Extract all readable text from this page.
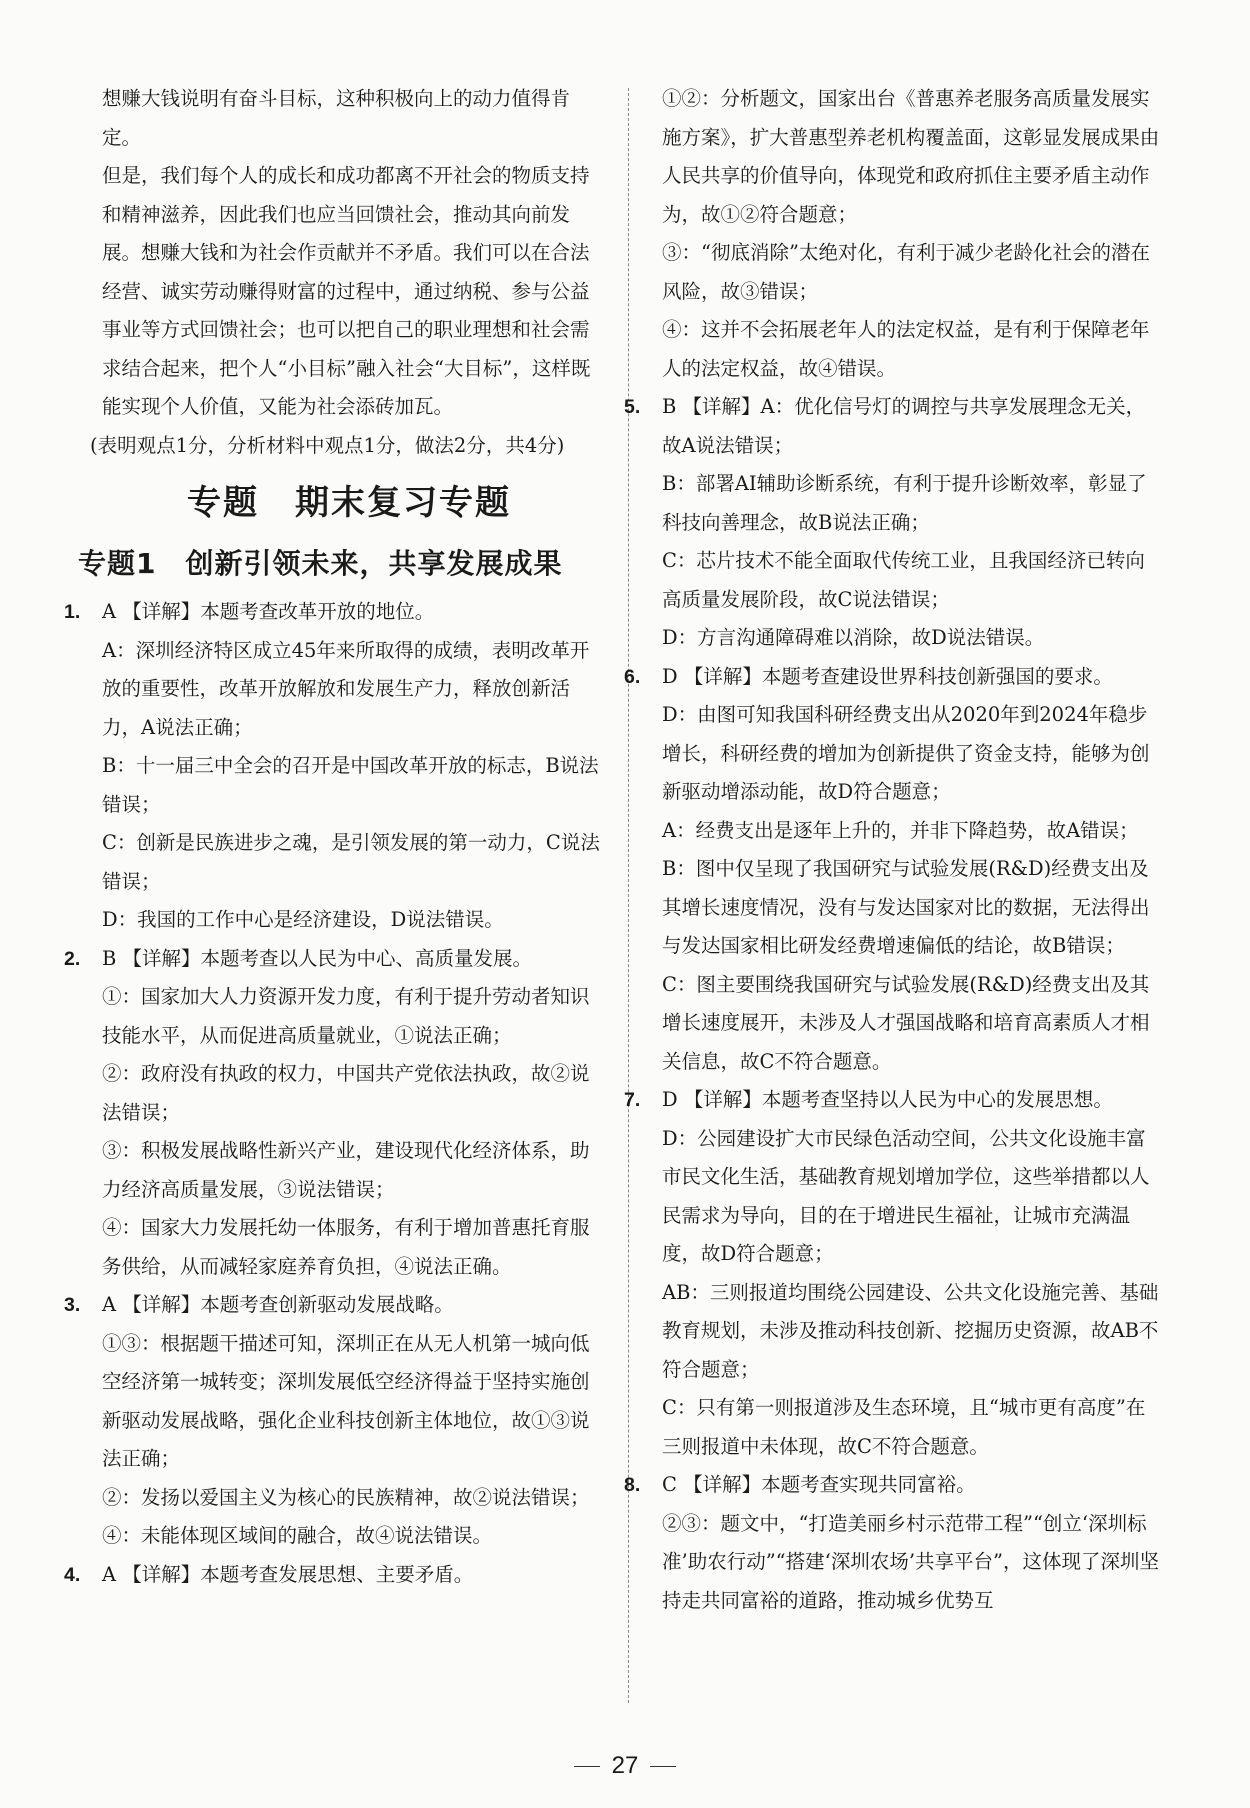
想赚大钱说明有奋斗目标，这种积极向上的动力值得肯定。

但是，我们每个人的成长和成功都离不开社会的物质支持和精神滋养，因此我们也应当回馈社会，推动其向前发展。想赚大钱和为社会作贡献并不矛盾。我们可以在合法经营、诚实劳动赚得财富的过程中，通过纳税、参与公益事业等方式回馈社会；也可以把自己的职业理想和社会需求结合起来，把个人“小目标”融入社会“大目标”，这样既能实现个人价值，又能为社会添砖加瓦。

(表明观点1分，分析材料中观点1分，做法2分，共4分)

专题　期末复习专题
专题1　创新引领未来，共享发展成果
1. A 【详解】本题考查改革开放的地位。

A：深圳经济特区成立45年来所取得的成绩，表明改革开放的重要性，改革开放解放和发展生产力，释放创新活力，A说法正确；

B：十一届三中全会的召开是中国改革开放的标志，B说法错误；

C：创新是民族进步之魂，是引领发展的第一动力，C说法错误；

D：我国的工作中心是经济建设，D说法错误。

2. B 【详解】本题考查以人民为中心、高质量发展。

①：国家加大人力资源开发力度，有利于提升劳动者知识技能水平，从而促进高质量就业，①说法正确；

②：政府没有执政的权力，中国共产党依法执政，故②说法错误；

③：积极发展战略性新兴产业，建设现代化经济体系，助力经济高质量发展，③说法错误；

④：国家大力发展托幼一体服务，有利于增加普惠托育服务供给，从而减轻家庭养育负担，④说法正确。

3. A 【详解】本题考查创新驱动发展战略。

①③：根据题干描述可知，深圳正在从无人机第一城向低空经济第一城转变；深圳发展低空经济得益于坚持实施创新驱动发展战略，强化企业科技创新主体地位，故①③说法正确；

②：发扬以爱国主义为核心的民族精神，故②说法错误；

④：未能体现区域间的融合，故④说法错误。

4. A 【详解】本题考查发展思想、主要矛盾。

①②：分析题文，国家出台《普惠养老服务高质量发展实施方案》，扩大普惠型养老机构覆盖面，这彰显发展成果由人民共享的价值导向，体现党和政府抓住主要矛盾主动作为，故①②符合题意；

③：“彻底消除”太绝对化，有利于减少老龄化社会的潜在风险，故③错误；

④：这并不会拓展老年人的法定权益，是有利于保障老年人的法定权益，故④错误。

5. B 【详解】A：优化信号灯的调控与共享发展理念无关，故A说法错误；

B：部署AI辅助诊断系统，有利于提升诊断效率，彰显了科技向善理念，故B说法正确；

C：芯片技术不能全面取代传统工业，且我国经济已转向高质量发展阶段，故C说法错误；

D：方言沟通障碍难以消除，故D说法错误。

6. D 【详解】本题考查建设世界科技创新强国的要求。

D：由图可知我国科研经费支出从2020年到2024年稳步增长，科研经费的增加为创新提供了资金支持，能够为创新驱动增添动能，故D符合题意；

A：经费支出是逐年上升的，并非下降趋势，故A错误；

B：图中仅呈现了我国研究与试验发展(R&D)经费支出及其增长速度情况，没有与发达国家对比的数据，无法得出与发达国家相比研发经费增速偏低的结论，故B错误；

C：图主要围绕我国研究与试验发展(R&D)经费支出及其增长速度展开，未涉及人才强国战略和培育高素质人才相关信息，故C不符合题意。

7. D 【详解】本题考查坚持以人民为中心的发展思想。

D：公园建设扩大市民绿色活动空间，公共文化设施丰富市民文化生活，基础教育规划增加学位，这些举措都以人民需求为导向，目的在于增进民生福祉，让城市充满温度，故D符合题意；

AB：三则报道均围绕公园建设、公共文化设施完善、基础教育规划，未涉及推动科技创新、挖掘历史资源，故AB不符合题意；

C：只有第一则报道涉及生态环境，且“城市更有高度”在三则报道中未体现，故C不符合题意。

8. C 【详解】本题考查实现共同富裕。

②③：题文中，“打造美丽乡村示范带工程”“创立‘深圳标准’助农行动”“搭建‘深圳农场’共享平台”，这体现了深圳坚持走共同富裕的道路，推动城乡优势互

27
